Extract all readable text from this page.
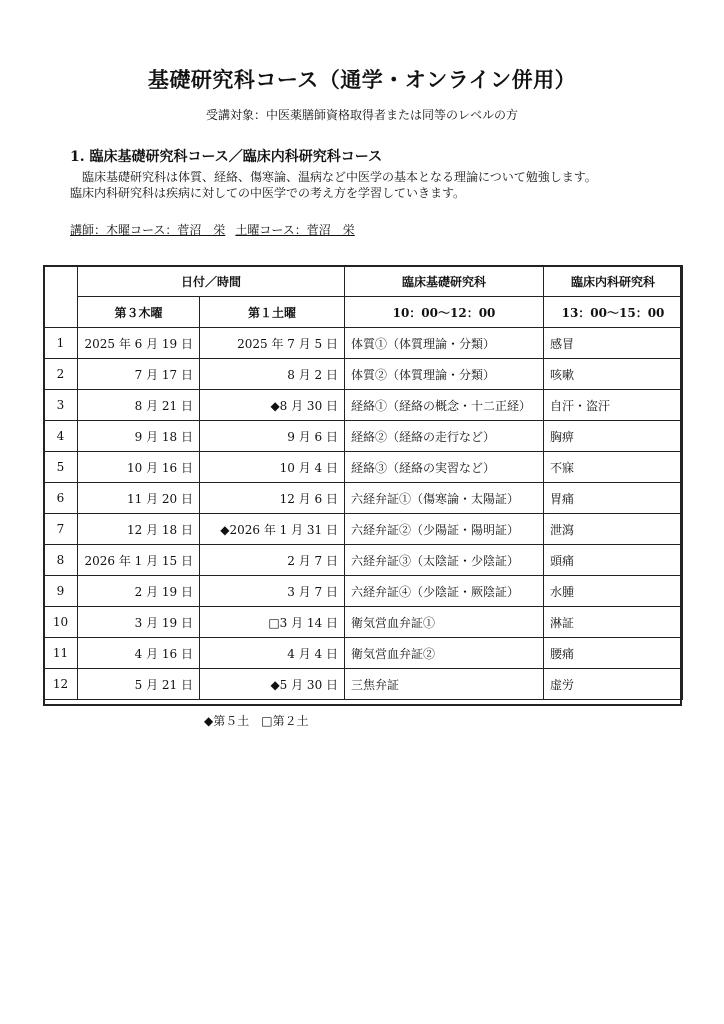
基礎研究科コース（通学・オンライン併用）
受講対象：中医薬膳師資格取得者または同等のレベルの方
1. 臨床基礎研究科コース／臨床内科研究科コース
臨床基礎研究科は体質、経絡、傷寒論、温病など中医学の基本となる理論について勉強します。
臨床内科研究科は疾病に対しての中医学での考え方を学習していきます。
講師：木曜コース：菅沼　栄 土曜コース：菅沼　栄
	日付／時間		臨床基礎研究科	臨床内科研究科
	第３木曜	第１土曜	10：00～12：00	13：00～15：00
1	2025 年 6 月 19 日	2025 年 7 月 5 日	体質①（体質理論・分類）	感冒
2	7 月 17 日	8 月 2 日	体質②（体質理論・分類）	咳嗽
3	8 月 21 日	◆8 月 30 日	経絡①（経絡の概念・十二正経）	自汗・盗汗
4	9 月 18 日	9 月 6 日	経絡②（経絡の走行など）	胸痹
5	10 月 16 日	10 月 4 日	経絡③（経絡の実習など）	不寐
6	11 月 20 日	12 月 6 日	六経弁証①（傷寒論・太陽証）	胃痛
7	12 月 18 日	◆2026 年 1 月 31 日	六経弁証②（少陽証・陽明証）	泄瀉
8	2026 年 1 月 15 日	2 月 7 日	六経弁証③（太陰証・少陰証）	頭痛
9	2 月 19 日	3 月 7 日	六経弁証④（少陰証・厥陰証）	水腫
10	3 月 19 日	□3 月 14 日	衛気営血弁証①	淋証
11	4 月 16 日	4 月 4 日	衛気営血弁証②	腰痛
12	5 月 21 日	◆5 月 30 日	三焦弁証	虚労
◆第５土　□第２土
